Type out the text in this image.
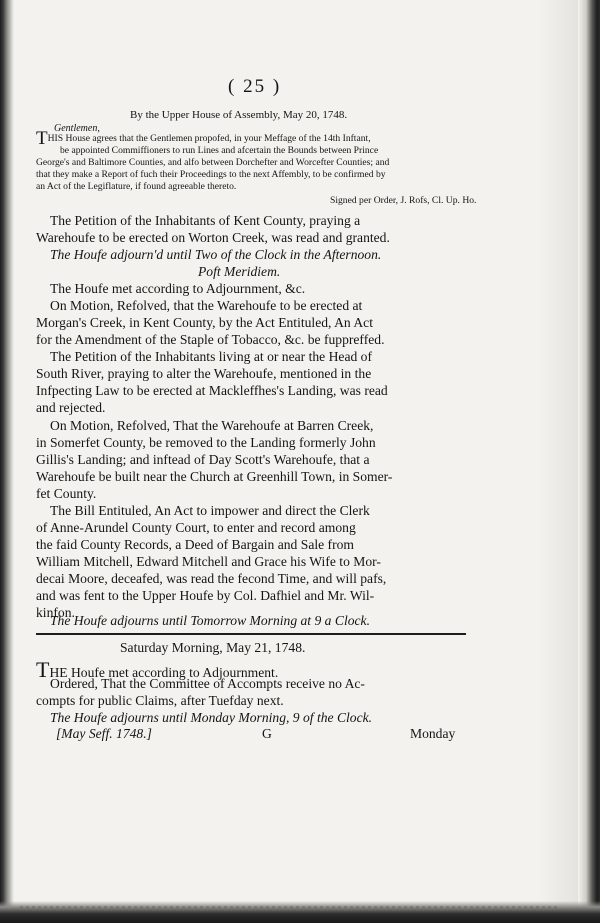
( 25 )

By the Upper House of Assembly, May 20, 1748.

Gentlemen,

THIS House agrees that the Gentlemen propofed, in your Meffage of the 14th Inftant,

be appointed Commiffioners to run Lines and afcertain the Bounds between Prince

George's and Baltimore Counties, and alfo between Dorchefter and Worcefter Counties; and

that they make a Report of fuch their Proceedings to the next Affembly, to be confirmed by

an Act of the Legiflature, if found agreeable thereto.

Signed per Order, J. Rofs, Cl. Up. Ho.

The Petition of the Inhabitants of Kent County, praying a

Warehoufe to be erected on Worton Creek, was read and granted.

The Houfe adjourn'd until Two of the Clock in the Afternoon.

Poft Meridiem.

The Houfe met according to Adjournment, &c.

On Motion, Refolved, that the Warehoufe to be erected at

Morgan's Creek, in Kent County, by the Act Entituled, An Act

for the Amendment of the Staple of Tobacco, &c. be fuppreffed.

The Petition of the Inhabitants living at or near the Head of

South River, praying to alter the Warehoufe, mentioned in the

Infpecting Law to be erected at Mackleffhes's Landing, was read

and rejected.

On Motion, Refolved, That the Warehoufe at Barren Creek,

in Somerfet County, be removed to the Landing formerly John

Gillis's Landing; and inftead of Day Scott's Warehoufe, that a

Warehoufe be built near the Church at Greenhill Town, in Somer-

fet County.

The Bill Entituled, An Act to impower and direct the Clerk

of Anne-Arundel County Court, to enter and record among

the faid County Records, a Deed of Bargain and Sale from

William Mitchell, Edward Mitchell and Grace his Wife to Mor-

decai Moore, deceafed, was read the fecond Time, and will pafs,

and was fent to the Upper Houfe by Col. Dafhiel and Mr. Wil-

kinfon.

The Houfe adjourns until Tomorrow Morning at 9 a Clock.

Saturday Morning, May 21, 1748.

THE Houfe met according to Adjournment.

Ordered, That the Committee of Accompts receive no Ac-

compts for public Claims, after Tuefday next.

The Houfe adjourns until Monday Morning, 9 of the Clock.

[May Seff. 1748.]	G	Monday
